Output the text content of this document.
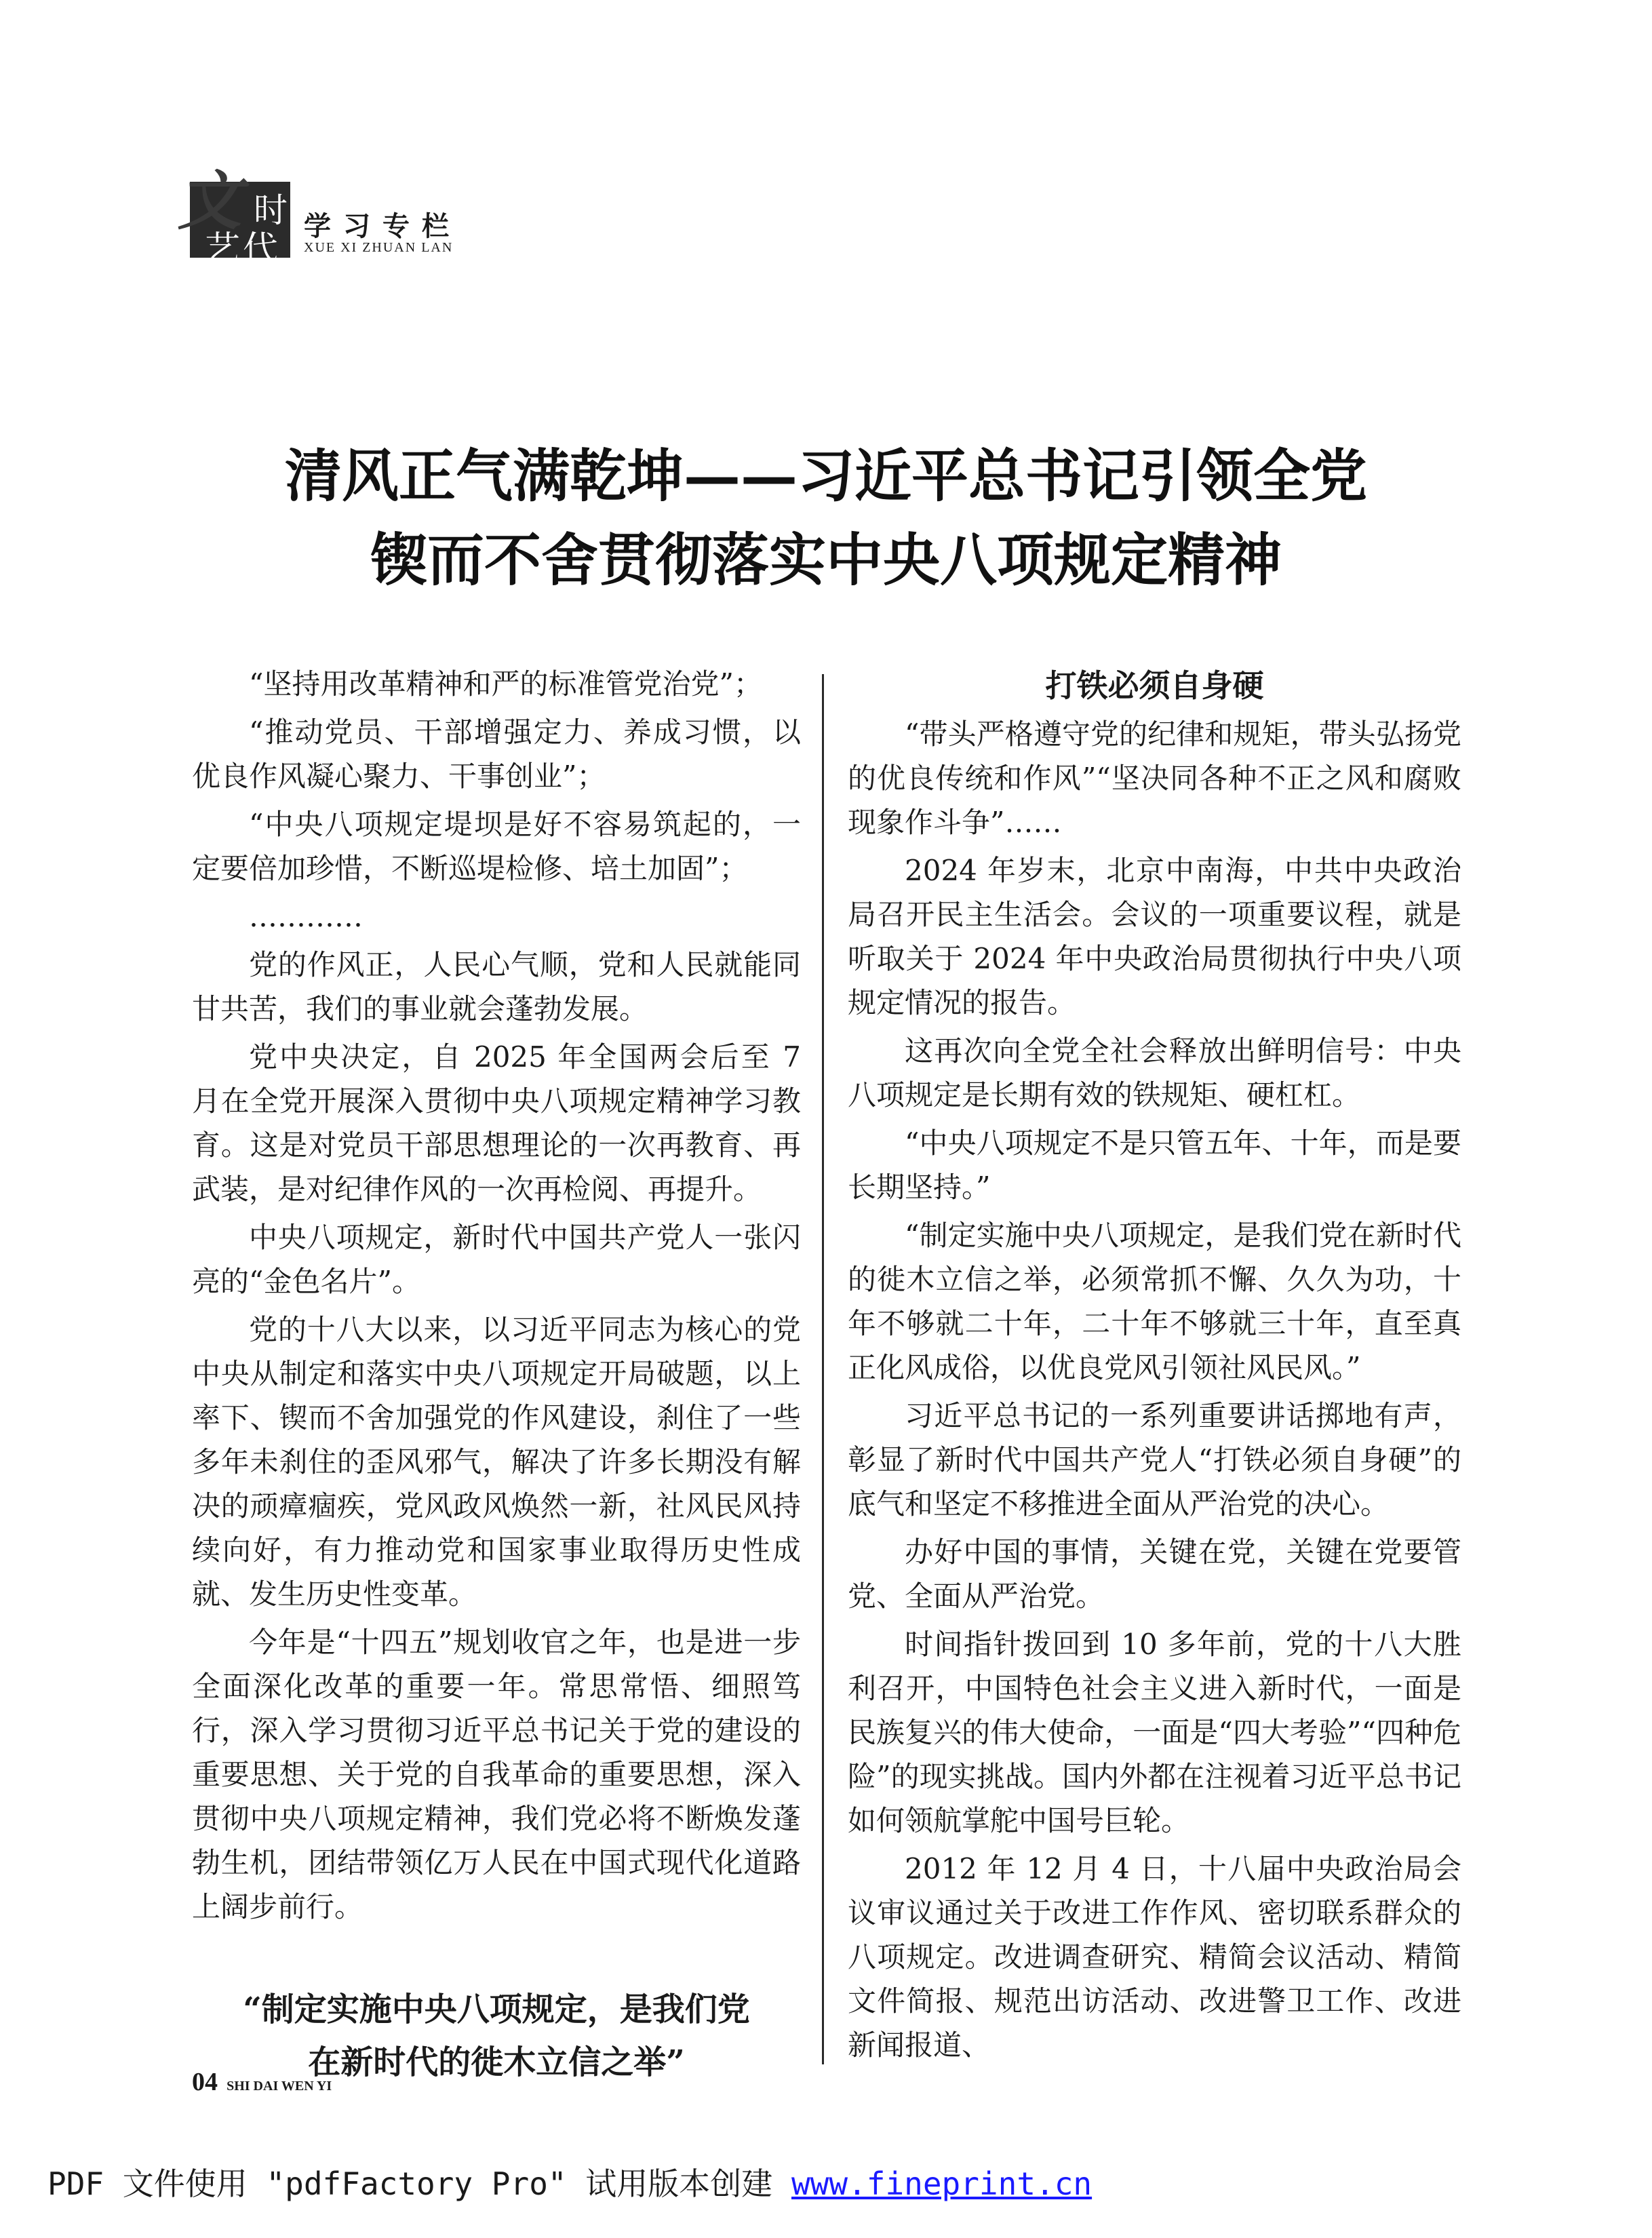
时
艺代
文 学习专栏
XUE XI ZHUAN LAN
清风正气满乾坤——习近平总书记引领全党
锲而不舍贯彻落实中央八项规定精神

“坚持用改革精神和严的标准管党治党”；

“推动党员、干部增强定力、养成习惯，以优良作风凝心聚力、干事创业”；

“中央八项规定堤坝是好不容易筑起的，一定要倍加珍惜，不断巡堤检修、培土加固”；

…………

党的作风正，人民心气顺，党和人民就能同甘共苦，我们的事业就会蓬勃发展。

党中央决定，自 2025 年全国两会后至 7 月在全党开展深入贯彻中央八项规定精神学习教育。这是对党员干部思想理论的一次再教育、再武装，是对纪律作风的一次再检阅、再提升。

中央八项规定，新时代中国共产党人一张闪亮的“金色名片”。

党的十八大以来，以习近平同志为核心的党中央从制定和落实中央八项规定开局破题，以上率下、锲而不舍加强党的作风建设，刹住了一些多年未刹住的歪风邪气，解决了许多长期没有解决的顽瘴痼疾，党风政风焕然一新，社风民风持续向好，有力推动党和国家事业取得历史性成就、发生历史性变革。

今年是“十四五”规划收官之年，也是进一步全面深化改革的重要一年。常思常悟、细照笃行，深入学习贯彻习近平总书记关于党的建设的重要思想、关于党的自我革命的重要思想，深入贯彻中央八项规定精神，我们党必将不断焕发蓬勃生机，团结带领亿万人民在中国式现代化道路上阔步前行。

“制定实施中央八项规定，是我们党
在新时代的徙木立信之举”
打铁必须自身硬

“带头严格遵守党的纪律和规矩，带头弘扬党的优良传统和作风”“坚决同各种不正之风和腐败现象作斗争”……

2024 年岁末，北京中南海，中共中央政治局召开民主生活会。会议的一项重要议程，就是听取关于 2024 年中央政治局贯彻执行中央八项规定情况的报告。

这再次向全党全社会释放出鲜明信号：中央八项规定是长期有效的铁规矩、硬杠杠。

“中央八项规定不是只管五年、十年，而是要长期坚持。”

“制定实施中央八项规定，是我们党在新时代的徙木立信之举，必须常抓不懈、久久为功，十年不够就二十年，二十年不够就三十年，直至真正化风成俗，以优良党风引领社风民风。”

习近平总书记的一系列重要讲话掷地有声，彰显了新时代中国共产党人“打铁必须自身硬”的底气和坚定不移推进全面从严治党的决心。

办好中国的事情，关键在党，关键在党要管党、全面从严治党。

时间指针拨回到 10 多年前，党的十八大胜利召开，中国特色社会主义进入新时代，一面是民族复兴的伟大使命，一面是“四大考验”“四种危险”的现实挑战。国内外都在注视着习近平总书记如何领航掌舵中国号巨轮。

2012 年 12 月 4 日，十八届中央政治局会议审议通过关于改进工作作风、密切联系群众的八项规定。改进调查研究、精简会议活动、精简文件简报、规范出访活动、改进警卫工作、改进新闻报道、

04 SHI DAI WEN YI
PDF 文件使用 "pdfFactory Pro" 试用版本创建 www.fineprint.cn
